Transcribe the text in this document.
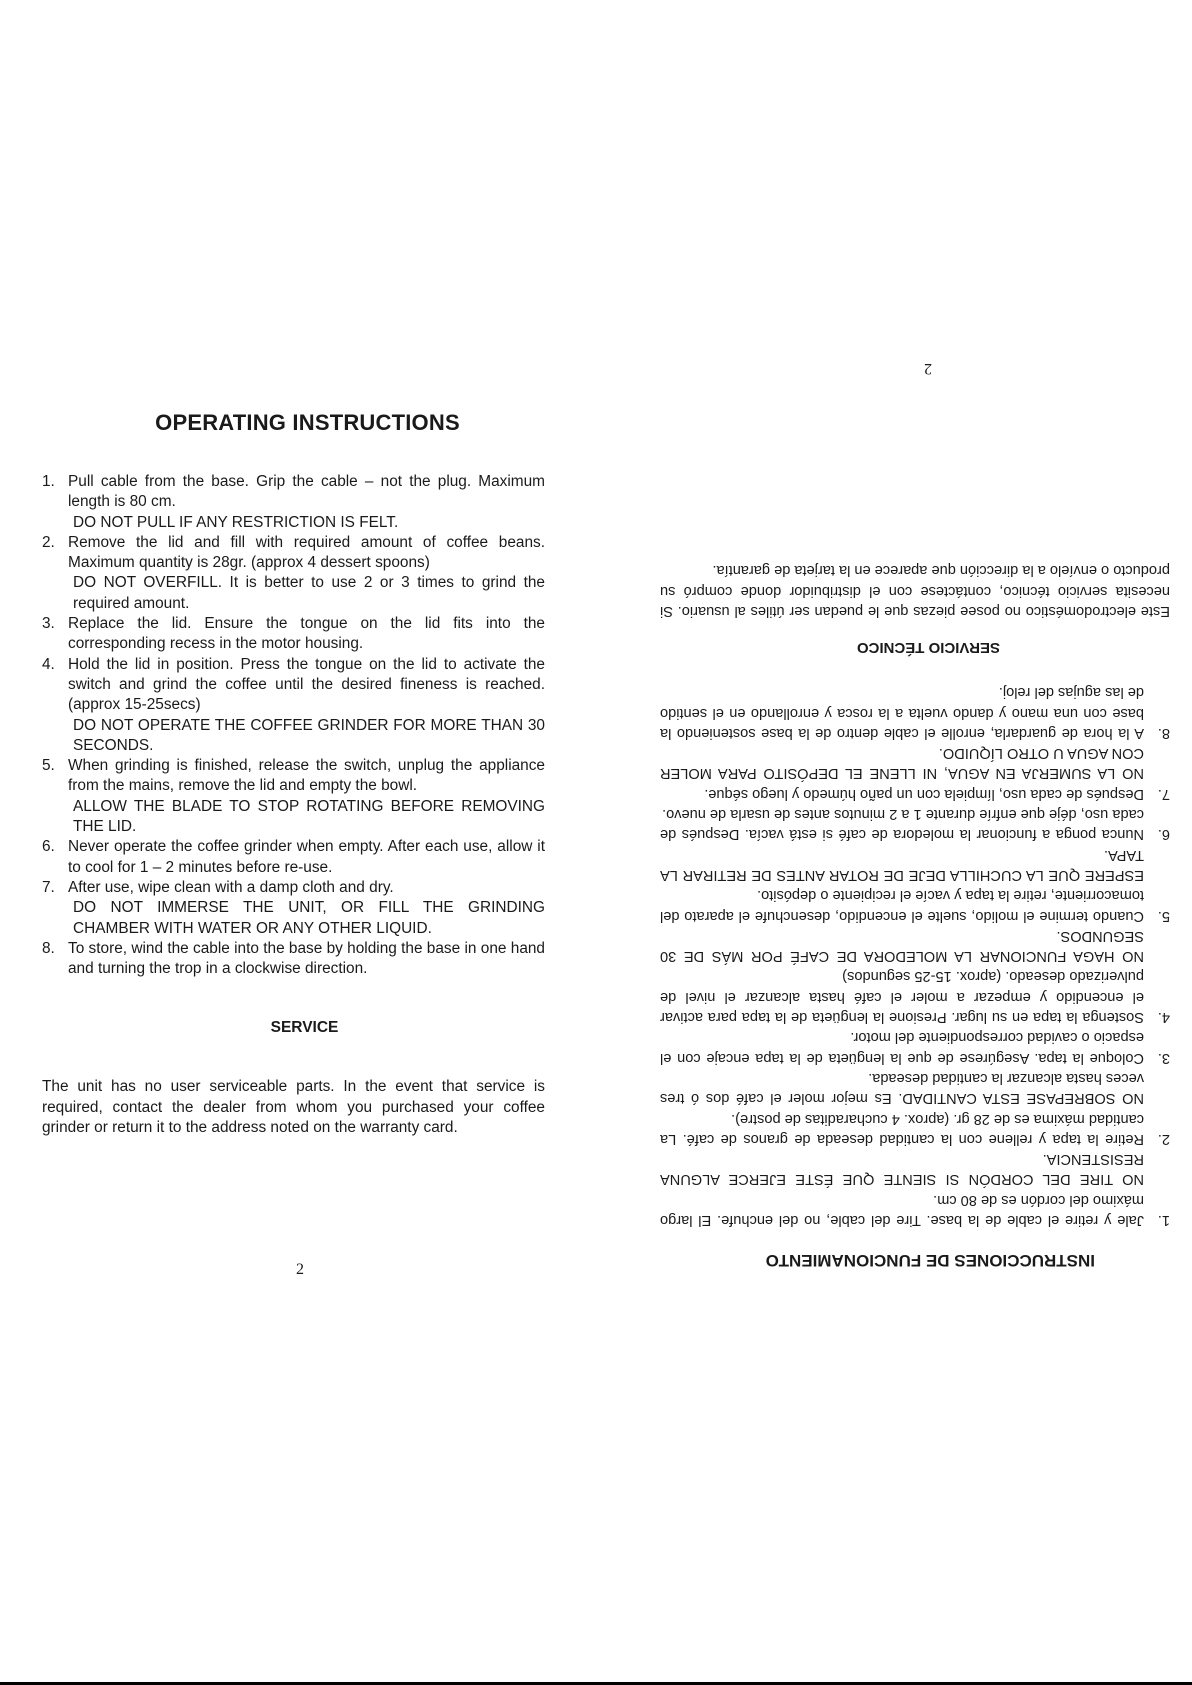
OPERATING INSTRUCTIONS
1. Pull cable from the base. Grip the cable – not the plug. Maximum length is 80 cm.

DO NOT PULL IF ANY RESTRICTION IS FELT.

2. Remove the lid and fill with required amount of coffee beans. Maximum quantity is 28gr. (approx 4 dessert spoons)

DO NOT OVERFILL. It is better to use 2 or 3 times to grind the required amount.

3. Replace the lid. Ensure the tongue on the lid fits into the corresponding recess in the motor housing.

4. Hold the lid in position. Press the tongue on the lid to activate the switch and grind the coffee until the desired fineness is reached. (approx 15-25secs)

DO NOT OPERATE THE COFFEE GRINDER FOR MORE THAN 30 SECONDS.

5. When grinding is finished, release the switch, unplug the appliance from the mains, remove the lid and empty the bowl.

ALLOW THE BLADE TO STOP ROTATING BEFORE REMOVING THE LID.

6. Never operate the coffee grinder when empty. After each use, allow it to cool for 1 – 2 minutes before re-use.

7. After use, wipe clean with a damp cloth and dry.

DO NOT IMMERSE THE UNIT, OR FILL THE GRINDING CHAMBER WITH WATER OR ANY OTHER LIQUID.

8. To store, wind the cable into the base by holding the base in one hand and turning the trop in a clockwise direction.

SERVICE

The unit has no user serviceable parts. In the event that service is required, contact the dealer from whom you purchased your coffee grinder or return it to the address noted on the warranty card.

2	INSTRUCCIONES DE FUNCIONAMIENTO
1.

Jale y retire el cable de la base. Tire del cable, no del enchufe. El largo máximo del cordón es de 80 cm.

NO TIRE DEL CORDÓN SI SIENTE QUE ÉSTE EJERCE ALGUNA RESISTENCIA.

2.

Retire la tapa y rellene con la cantidad deseada de granos de café. La cantidad máxima es de 28 gr. (aprox. 4 cucharaditas de postre).

NO SOBREPASE ESTA CANTIDAD. Es mejor moler el café dos ó tres veces hasta alcanzar la cantidad deseada.

3.

Coloque la tapa. Asegúrese de que la lengüeta de la tapa encaje con el espacio o cavidad correspondiente del motor.

4.

Sostenga la tapa en su lugar. Presione la lengüeta de la tapa para activar el encendido y empezar a moler el café hasta alcanzar el nivel de pulverizado deseado. (aprox. 15-25 segundos)

NO HAGA FUNCIONAR LA MOLEDORA DE CAFÉ POR MÁS DE 30 SEGUNDOS.

5.

Cuando termine el molido, suelte el encendido, desenchufe el aparato del tomacorriente, retire la tapa y vacíe el recipiente o depósito.

ESPERE QUE LA CUCHILLA DEJE DE ROTAR ANTES DE RETIRAR LA TAPA.

6.

Nunca ponga a funcionar la moledora de café si está vacía. Después de cada uso, déje que enfríe durante 1 a 2 minutos antes de usarla de nuevo.

7.

Después de cada uso, límpiela con un paño húmedo y luego séque.

NO LA SUMERJA EN AGUA, NI LLENE EL DEPÓSITO PARA MOLER CON AGUA U OTRO LÍQUIDO.

8.

A la hora de guardarla, enrolle el cable dentro de la base sosteniendo la base con una mano y dando vuelta a la rosca y enrollando en el sentido de las agujas del reloj.

SERVICIO TÉCNICO

Este electrodoméstico no posee piezas que le puedan ser útiles al usuario. Si necesita servicio técnico, contáctese con el distribuidor donde compró su producto o envíelo a la dirección que aparece en la tarjeta de garantía.

2
